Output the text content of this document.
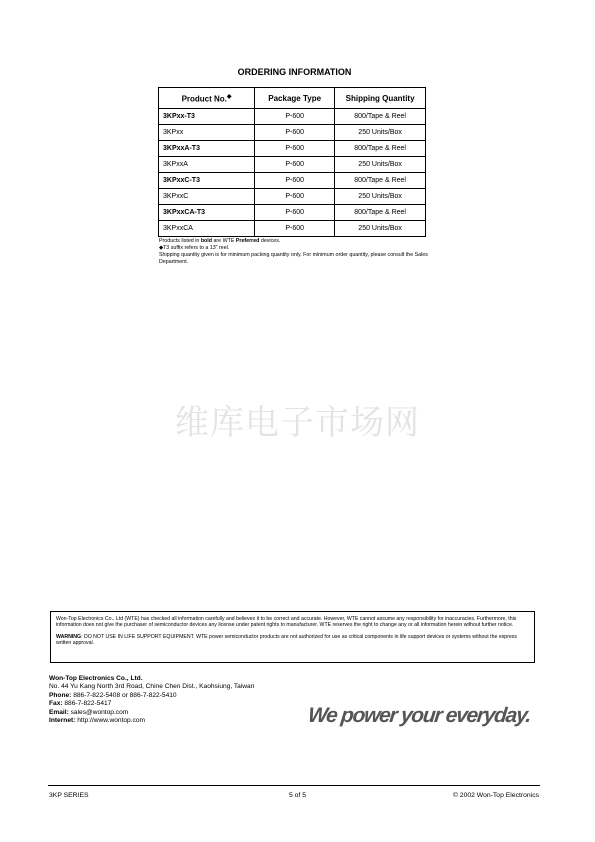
ORDERING INFORMATION
Product No.◆	Package Type	Shipping Quantity
3KPxx-T3	P-600	800/Tape & Reel
3KPxx	P-600	250 Units/Box
3KPxxA-T3	P-600	800/Tape & Reel
3KPxxA	P-600	250 Units/Box
3KPxxC-T3	P-600	800/Tape & Reel
3KPxxC	P-600	250 Units/Box
3KPxxCA-T3	P-600	800/Tape & Reel
3KPxxCA	P-600	250 Units/Box

Products listed in bold are WTE Preferred devices.

◆T3 suffix refers to a 13" reel.

Shipping quantity given is for minimum packing quantity only. For minimum order quantity, please consult the Sales Department.

维库电子市场网

Won-Top Electronics Co., Ltd (WTE) has checked all information carefully and believes it to be correct and accurate. However, WTE cannot assume any responsibility for inaccuracies. Furthermore, this information does not give the purchaser of semiconductor devices any license under patent rights to manufacturer. WTE reserves the right to change any or all information herein without further notice.

WARNING: DO NOT USE IN LIFE SUPPORT EQUIPMENT. WTE power semiconductor products are not authorized for use as critical components in life support devices or systems without the express written approval.

Won-Top Electronics Co., Ltd.
No. 44 Yu Kang North 3rd Road, Chine Chen Dist., Kaohsiung, Taiwan
Phone: 886-7-822-5408 or 886-7-822-5410
Fax: 886-7-822-5417
Email: sales@wontop.com
Internet: http://www.wontop.com	We power your everyday.
3KP SERIES	5 of 5	© 2002 Won-Top Electronics
